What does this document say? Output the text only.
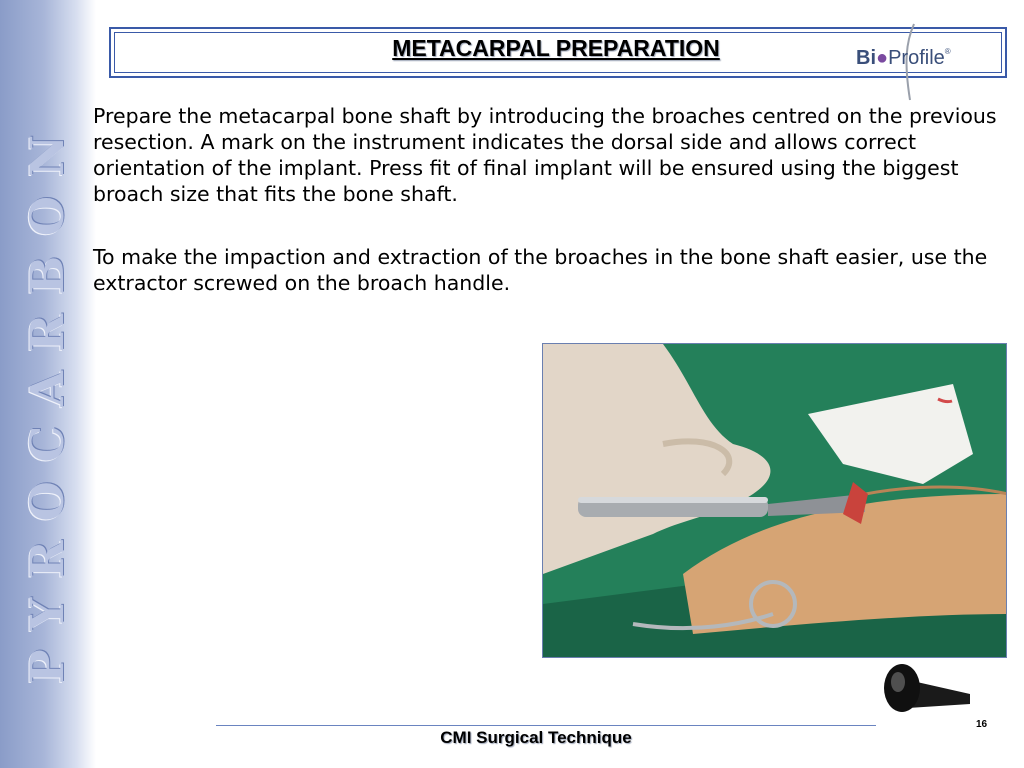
PYROCARBON
METACARPAL PREPARATION	Bi●Profile®

Prepare the metacarpal bone shaft by introducing the broaches centred on the previous resection. A mark on the instrument indicates the dorsal side and allows correct orientation of the implant. Press fit of final implant will be ensured using the biggest broach size that fits the bone shaft.

To make the impaction and extraction of the broaches in the bone shaft easier, use the extractor screwed on the broach handle.

CMI Surgical Technique
16
